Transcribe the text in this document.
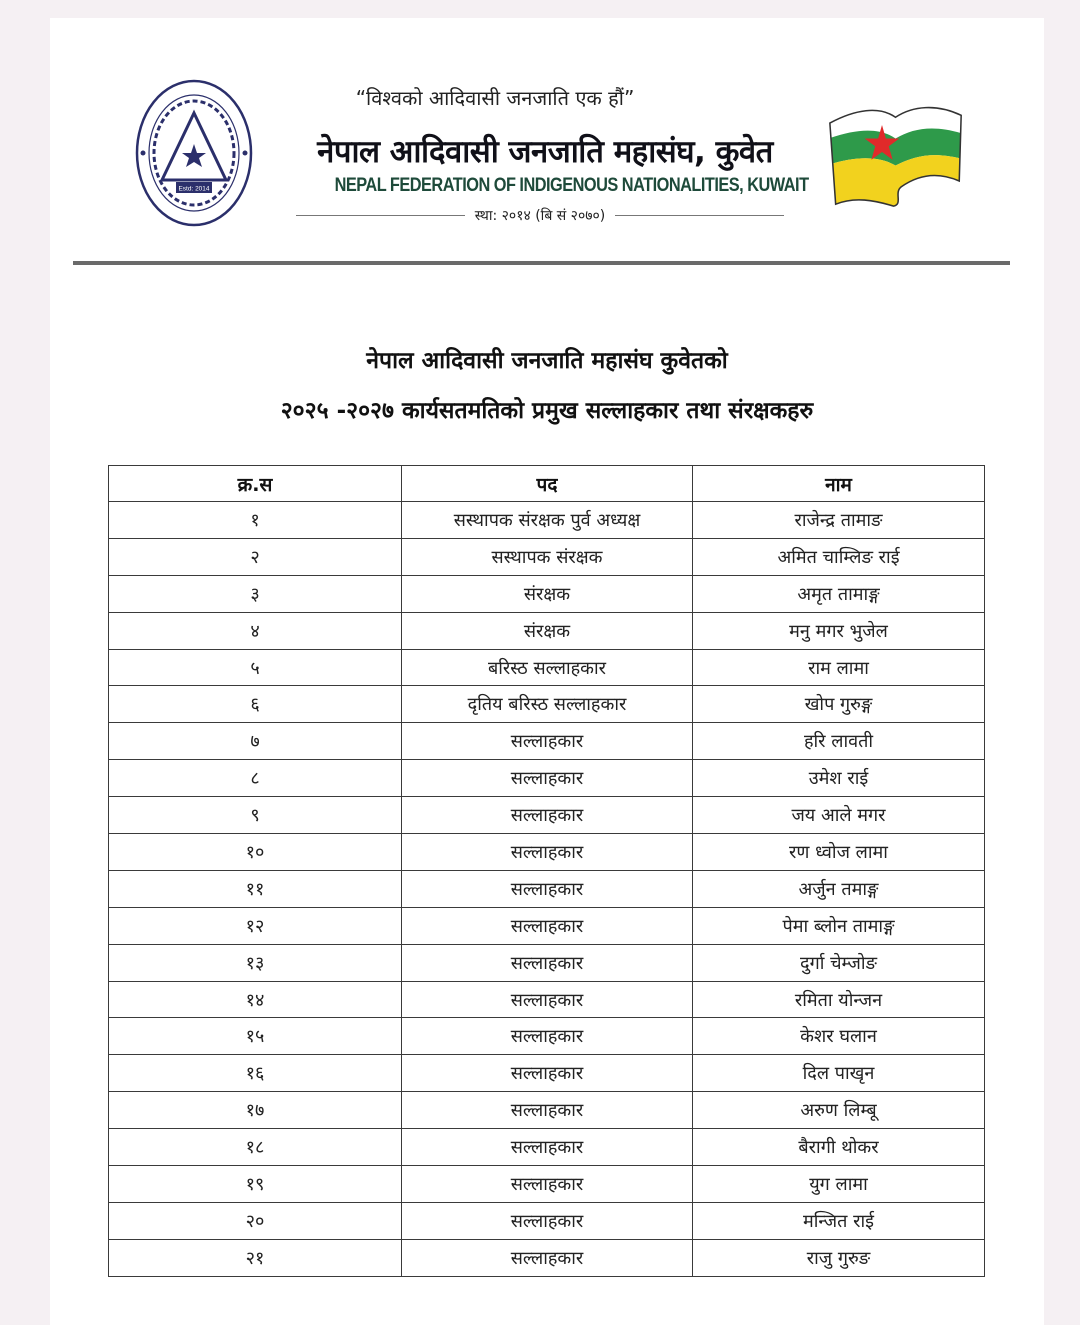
Estd: 2014
“विश्वको आदिवासी जनजाति एक हौं”
नेपाल आदिवासी जनजाति महासंघ, कुवेत
NEPAL FEDERATION OF INDIGENOUS NATIONALITIES, KUWAIT
स्था: २०१४ (बि सं २०७०)
नेपाल आदिवासी जनजाति महासंघ कुवेतको
२०२५ -२०२७ कार्यसतमतिको प्रमुख सल्लाहकार तथा संरक्षकहरु
क्र.स	पद	नाम
१	सस्थापक संरक्षक पुर्व अध्यक्ष	राजेन्द्र तामाङ
२	सस्थापक संरक्षक	अमित चाम्लिङ राई
३	संरक्षक	अमृत तामाङ्ग
४	संरक्षक	मनु मगर भुजेल
५	बरिस्ठ सल्लाहकार	राम लामा
६	दृतिय बरिस्ठ सल्लाहकार	खोप गुरुङ्ग
७	सल्लाहकार	हरि लावती
८	सल्लाहकार	उमेश राई
९	सल्लाहकार	जय आले मगर
१०	सल्लाहकार	रण ध्वोज लामा
११	सल्लाहकार	अर्जुन तमाङ्ग
१२	सल्लाहकार	पेमा ब्लोन तामाङ्ग
१३	सल्लाहकार	दुर्गा चेम्जोङ
१४	सल्लाहकार	रमिता योन्जन
१५	सल्लाहकार	केशर घलान
१६	सल्लाहकार	दिल पाखृन
१७	सल्लाहकार	अरुण लिम्बू
१८	सल्लाहकार	बैरागी थोकर
१९	सल्लाहकार	युग लामा
२०	सल्लाहकार	मन्जित राई
२१	सल्लाहकार	राजु गुरुङ
